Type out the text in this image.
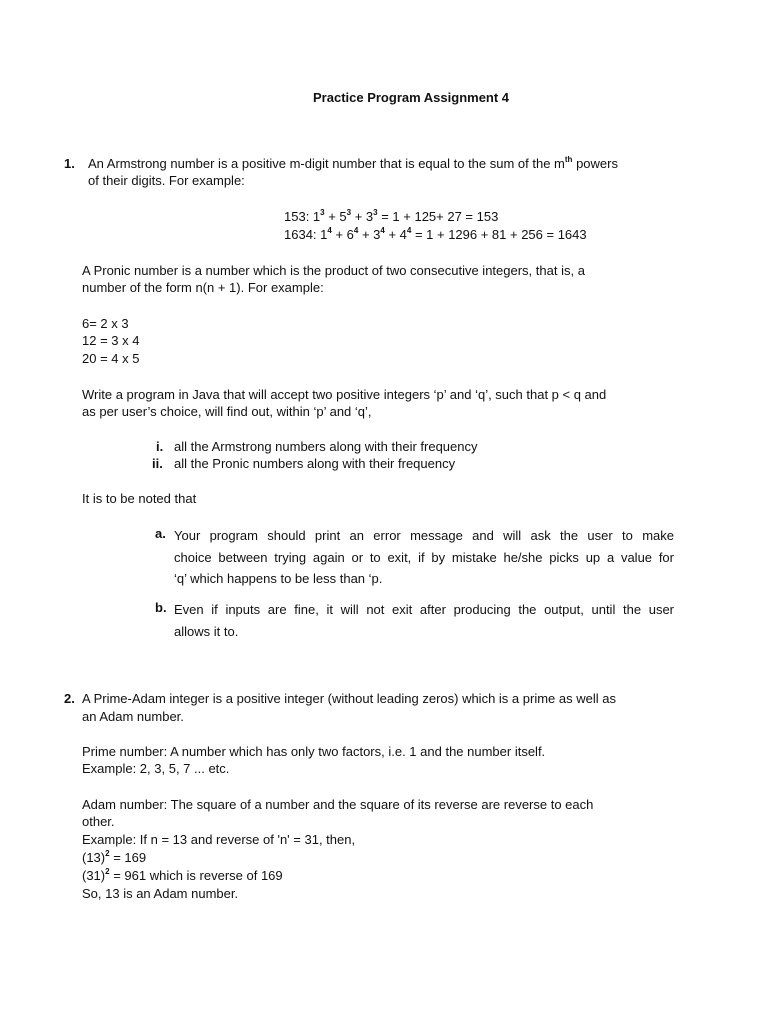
Practice Program Assignment 4
1. An Armstrong number is a positive m-digit number that is equal to the sum of the $m^{th}$ powers
of their digits. For example:
153: $1^3 + 5^3 + 3^3 = 1 + 125+ 27 = 153$
1634: $1^4 + 6^4 + 3^4 + 4^4 = 1 + 1296 + 81 + 256 = 1643$
A Pronic number is a number which is the product of two consecutive integers, that is, a
number of the form n(n + 1). For example:
6= 2 x 3
12 = 3 x 4
20 = 4 x 5
Write a program in Java that will accept two positive integers ‘p’ and ‘q’, such that p < q and
as per user’s choice, will find out, within ‘p’ and ‘q’,
i. all the Armstrong numbers along with their frequency
ii. all the Pronic numbers along with their frequency
It is to be noted that
a. Your program should print an error message and will ask the user to make
choice between trying again or to exit, if by mistake he/she picks up a value for
‘q’ which happens to be less than ‘p.
b. Even if inputs are fine, it will not exit after producing the output, until the user
allows it to.
2. A Prime-Adam integer is a positive integer (without leading zeros) which is a prime as well as
an Adam number.
Prime number: A number which has only two factors, i.e. 1 and the number itself.
Example: 2, 3, 5, 7 ... etc.
Adam number: The square of a number and the square of its reverse are reverse to each
other.
Example: If n = 13 and reverse of 'n' = 31, then,
$(13)^2 = 169$
$(31)^2 = 961$ which is reverse of 169
So, 13 is an Adam number.
